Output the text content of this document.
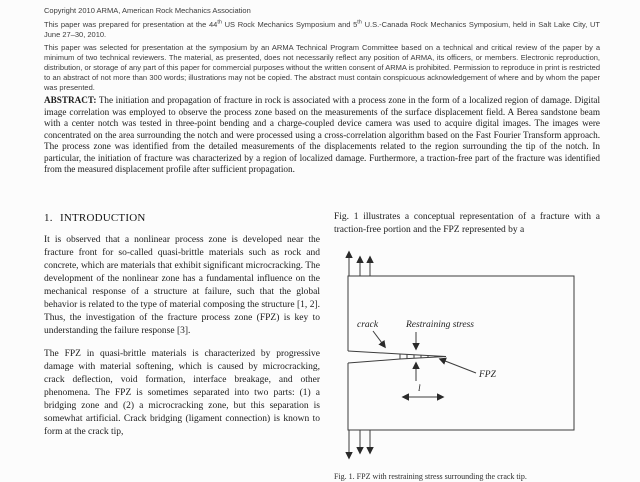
Copyright 2010 ARMA, American Rock Mechanics Association

This paper was prepared for presentation at the 44th US Rock Mechanics Symposium and 5th U.S.-Canada Rock Mechanics Symposium, held in Salt Lake City, UT June 27–30, 2010.

This paper was selected for presentation at the symposium by an ARMA Technical Program Committee based on a technical and critical review of the paper by a minimum of two technical reviewers. The material, as presented, does not necessarily reflect any position of ARMA, its officers, or members. Electronic reproduction, distribution, or storage of any part of this paper for commercial purposes without the written consent of ARMA is prohibited. Permission to reproduce in print is restricted to an abstract of not more than 300 words; illustrations may not be copied. The abstract must contain conspicuous acknowledgement of where and by whom the paper was presented.

ABSTRACT: The initiation and propagation of fracture in rock is associated with a process zone in the form of a localized region of damage. Digital image correlation was employed to observe the process zone based on the measurements of the surface displacement field. A Berea sandstone beam with a center notch was tested in three-point bending and a charge-coupled device camera was used to acquire digital images. The images were concentrated on the area surrounding the notch and were processed using a cross-correlation algorithm based on the Fast Fourier Transform approach. The process zone was identified from the detailed measurements of the displacements related to the region surrounding the tip of the notch. In particular, the initiation of fracture was characterized by a region of localized damage. Furthermore, a traction-free part of the fracture was identified from the measured displacement profile after sufficient propagation.
1. INTRODUCTION

It is observed that a nonlinear process zone is developed near the fracture front for so-called quasi-brittle materials such as rock and concrete, which are materials that exhibit significant microcracking. The development of the nonlinear zone has a fundamental influence on the mechanical response of a structure at failure, such that the global behavior is related to the type of material composing the structure [1, 2]. Thus, the investigation of the fracture process zone (FPZ) is key to understanding the failure response [3].

The FPZ in quasi-brittle materials is characterized by progressive damage with material softening, which is caused by microcracking, crack deflection, void formation, interface breakage, and other phenomena. The FPZ is sometimes separated into two parts: (1) a bridging zone and (2) a microcracking zone, but this separation is somewhat artificial. Crack bridging (ligament connection) is known to form at the crack tip,

Fig. 1 illustrates a conceptual representation of a fracture with a traction-free portion and the FPZ represented by a

crack	Restraining stress
FPZ
l
Fig. 1. FPZ with restraining stress surrounding the crack tip.
